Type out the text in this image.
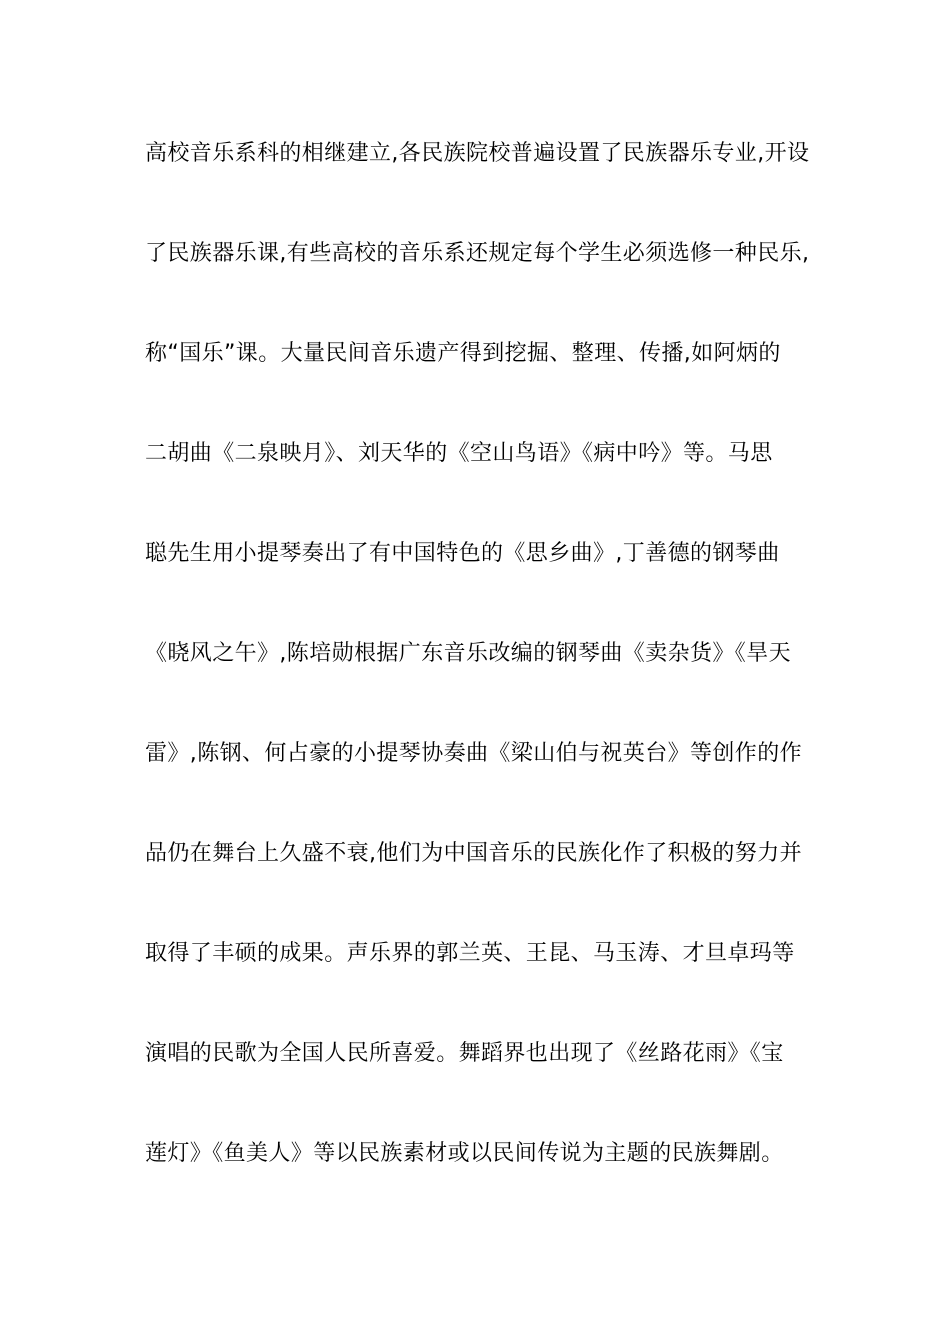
高校音乐系科的相继建立,各民族院校普遍设置了民族器乐专业,开设
了民族器乐课,有些高校的音乐系还规定每个学生必须选修一种民乐,
称“国乐”课。大量民间音乐遗产得到挖掘、整理、传播,如阿炳的
二胡曲《二泉映月》、刘天华的《空山鸟语》《病中吟》等。马思
聪先生用小提琴奏出了有中国特色的《思乡曲》,丁善德的钢琴曲
《晓风之午》,陈培勋根据广东音乐改编的钢琴曲《卖杂货》《旱天
雷》,陈钢、何占豪的小提琴协奏曲《梁山伯与祝英台》等创作的作
品仍在舞台上久盛不衰,他们为中国音乐的民族化作了积极的努力并
取得了丰硕的成果。声乐界的郭兰英、王昆、马玉涛、才旦卓玛等
演唱的民歌为全国人民所喜爱。舞蹈界也出现了《丝路花雨》《宝
莲灯》《鱼美人》等以民族素材或以民间传说为主题的民族舞剧。
